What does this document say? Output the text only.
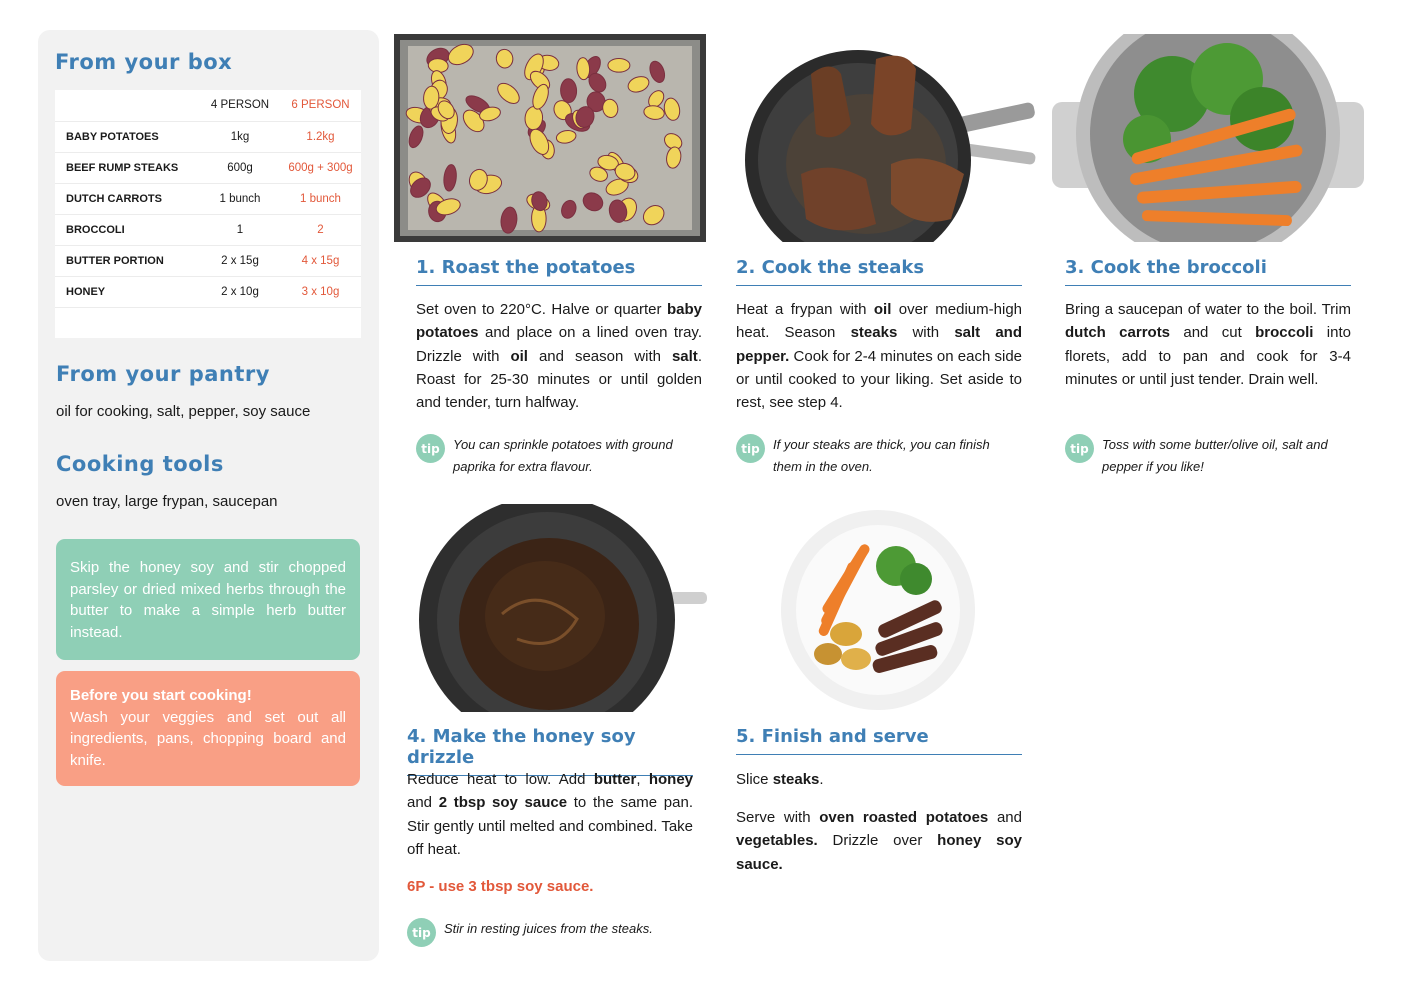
From your box
	4 PERSON	6 PERSON
BABY POTATOES	1kg	1.2kg
BEEF RUMP STEAKS	600g	600g + 300g
DUTCH CARROTS	1 bunch	1 bunch
BROCCOLI	1	2
BUTTER PORTION	2 x 15g	4 x 15g
HONEY	2 x 10g	3 x 10g

From your pantry
oil for cooking, salt, pepper, soy sauce
Cooking tools
oven tray, large frypan, saucepan
Skip the honey soy and stir chopped parsley or dried mixed herbs through the butter to make a simple herb butter instead.
Before you start cooking!
Wash your veggies and set out all ingredients, pans, chopping board and knife.
1. Roast the potatoes
Set oven to 220°C. Halve or quarter baby potatoes and place on a lined oven tray. Drizzle with oil and season with salt. Roast for 25-30 minutes or until golden and tender, turn halfway.
tip	You can sprinkle potatoes with ground paprika for extra flavour.
2. Cook the steaks
Heat a frypan with oil over medium-high heat. Season steaks with salt and pepper. Cook for 2-4 minutes on each side or until cooked to your liking. Set aside to rest, see step 4.
tip	If your steaks are thick, you can finish them in the oven.
3. Cook the broccoli
Bring a saucepan of water to the boil. Trim dutch carrots and cut broccoli into florets, add to pan and cook for 3-4 minutes or until just tender. Drain well.
tip	Toss with some butter/olive oil, salt and pepper if you like!
4. Make the honey soy drizzle
Reduce heat to low. Add butter, honey and 2 tbsp soy sauce to the same pan. Stir gently until melted and combined. Take off heat.
6P - use 3 tbsp soy sauce.
tip	Stir in resting juices from the steaks.
5. Finish and serve
Slice steaks.
Serve with oven roasted potatoes and vegetables. Drizzle over honey soy sauce.
